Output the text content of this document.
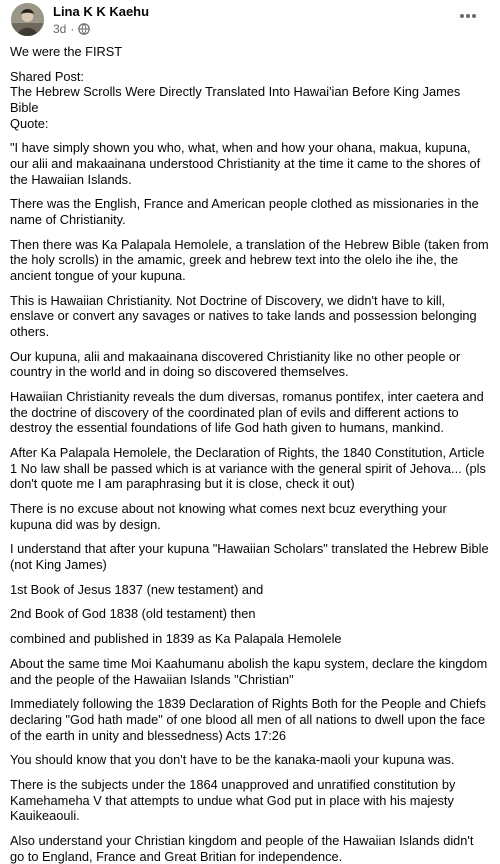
Lina K K Kaehu
3d ·

We were the FIRST

Shared Post:

The Hebrew Scrolls Were Directly Translated Into Hawai'ian Before King James Bible

Quote:

"I have simply shown you who, what, when and how your ohana, makua, kupuna, our alii and makaainana understood Christianity at the time it came to the shores of the Hawaiian Islands.

There was the English, France and American people clothed as missionaries in the name of Christianity.

Then there was Ka Palapala Hemolele, a translation of the Hebrew Bible (taken from the holy scrolls) in the amamic, greek and hebrew text into the olelo ihe ihe, the ancient tongue of your kupuna.

This is Hawaiian Christianity. Not Doctrine of Discovery, we didn't have to kill, enslave or convert any savages or natives to take lands and possession belonging others.

Our kupuna, alii and makaainana discovered Christianity like no other people or country in the world and in doing so discovered themselves.

Hawaiian Christianity reveals the dum diversas, romanus pontifex, inter caetera and the doctrine of discovery of the coordinated plan of evils and different actions to destroy the essential foundations of life God hath given to humans, mankind.

After Ka Palapala Hemolele, the Declaration of Rights, the 1840 Constitution, Article 1 No law shall be passed which is at variance with the general spirit of Jehova... (pls don't quote me I am paraphrasing but it is close, check it out)

There is no excuse about not knowing what comes next bcuz everything your kupuna did was by design.

I understand that after your kupuna "Hawaiian Scholars" translated the Hebrew Bible (not King James)

1st Book of Jesus 1837 (new testament) and

2nd Book of God 1838 (old testament) then

combined and published in 1839 as Ka Palapala Hemolele

About the same time Moi Kaahumanu abolish the kapu system, declare the kingdom and the people of the Hawaiian Islands "Christian"

Immediately following the 1839 Declaration of Rights Both for the People and Chiefs declaring "God hath made" of one blood all men of all nations to dwell upon the face of the earth in unity and blessedness) Acts 17:26

You should know that you don't have to be the kanaka-maoli your kupuna was.

There is the subjects under the 1864 unapproved and unratified constitution by Kamehameha V that attempts to undue what God put in place with his majesty Kauikeaouli.

Also understand your Christian kingdom and people of the Hawaiian Islands didn't go to England, France and Great Britian for independence.
